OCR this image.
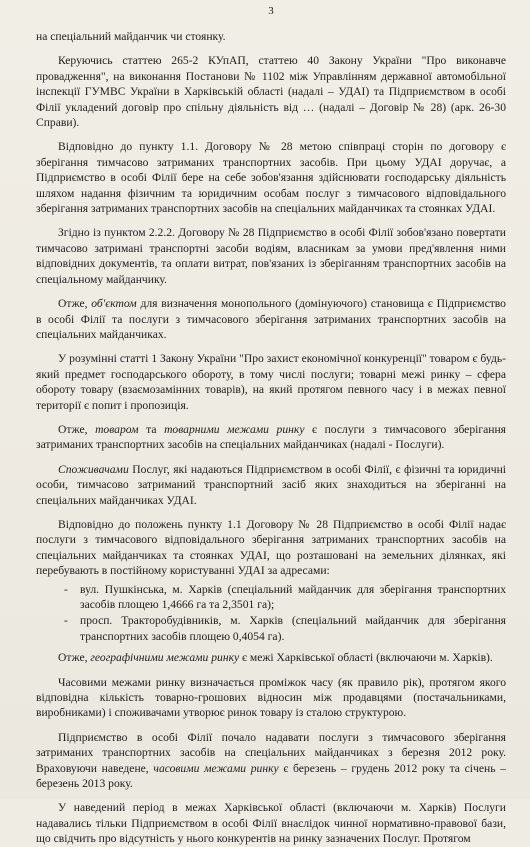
3

на спеціальний майданчик чи стоянку.

Керуючись статтею 265-2 КУпАП, статтею 40 Закону України "Про виконавче провадження", на виконання Постанови № 1102 між Управлінням державної автомобільної інспекції ГУМВС України в Харківській області (надалі – УДАІ) та Підприємством в особі Філії укладений договір про спільну діяльність від … (надалі – Договір № 28) (арк. 26-30 Справи).

Відповідно до пункту 1.1. Договору № 28 метою співпраці сторін по договору є зберігання тимчасово затриманих транспортних засобів. При цьому УДАІ доручає, а Підприємство в особі Філії бере на себе зобов'язання здійснювати господарську діяльність шляхом надання фізичним та юридичним особам послуг з тимчасового відповідального зберігання затриманих транспортних засобів на спеціальних майданчиках та стоянках УДАІ.

Згідно із пунктом 2.2.2. Договору № 28 Підприємство в особі Філії зобов'язано повертати тимчасово затримані транспортні засоби водіям, власникам за умови пред'явлення ними відповідних документів, та оплати витрат, пов'язаних із зберіганням транспортних засобів на спеціальному майданчику.

Отже, об'єктом для визначення монопольного (домінуючого) становища є Підприємство в особі Філії та послуги з тимчасового зберігання затриманих транспортних засобів на спеціальних майданчиках.

У розумінні статті 1 Закону України "Про захист економічної конкуренції" товаром є будь-який предмет господарського обороту, в тому числі послуги; товарні межі ринку – сфера обороту товару (взаємозамінних товарів), на який протягом певного часу і в межах певної території є попит і пропозиція.

Отже, товаром та товарними межами ринку є послуги з тимчасового зберігання затриманих транспортних засобів на спеціальних майданчиках (надалі - Послуги).

Споживачами Послуг, які надаються Підприємством в особі Філії, є фізичні та юридичні особи, тимчасово затриманий транспортний засіб яких знаходиться на зберіганні на спеціальних майданчиках УДАІ.

Відповідно до положень пункту 1.1 Договору № 28 Підприємство в особі Філії надає послуги з тимчасового відповідального зберігання затриманих транспортних засобів на спеціальних майданчиках та стоянках УДАІ, що розташовані на земельних ділянках, які перебувають в постійному користуванні УДАІ за адресами:

- вул. Пушкінська, м. Харків (спеціальний майданчик для зберігання транспортних засобів площею 1,4666 га та 2,3501 га);
- просп. Тракторобудівників, м. Харків (спеціальний майданчик для зберігання транспортних засобів площею 0,4054 га).

Отже, географічними межами ринку є межі Харківської області (включаючи м. Харків).

Часовими межами ринку визначається проміжок часу (як правило рік), протягом якого відповідна кількість товарно-грошових відносин між продавцями (постачальниками, виробниками) і споживачами утворює ринок товару із сталою структурою.

Підприємство в особі Філії почало надавати послуги з тимчасового зберігання затриманих транспортних засобів на спеціальних майданчиках з березня 2012 року. Враховуючи наведене, часовими межами ринку є березень – грудень 2012 року та січень – березень 2013 року.

У наведений період в межах Харківської області (включаючи м. Харків) Послуги надавались тільки Підприємством в особі Філії внаслідок чинної нормативно-правової бази, що свідчить про відсутність у нього конкурентів на ринку зазначених Послуг. Протягом
